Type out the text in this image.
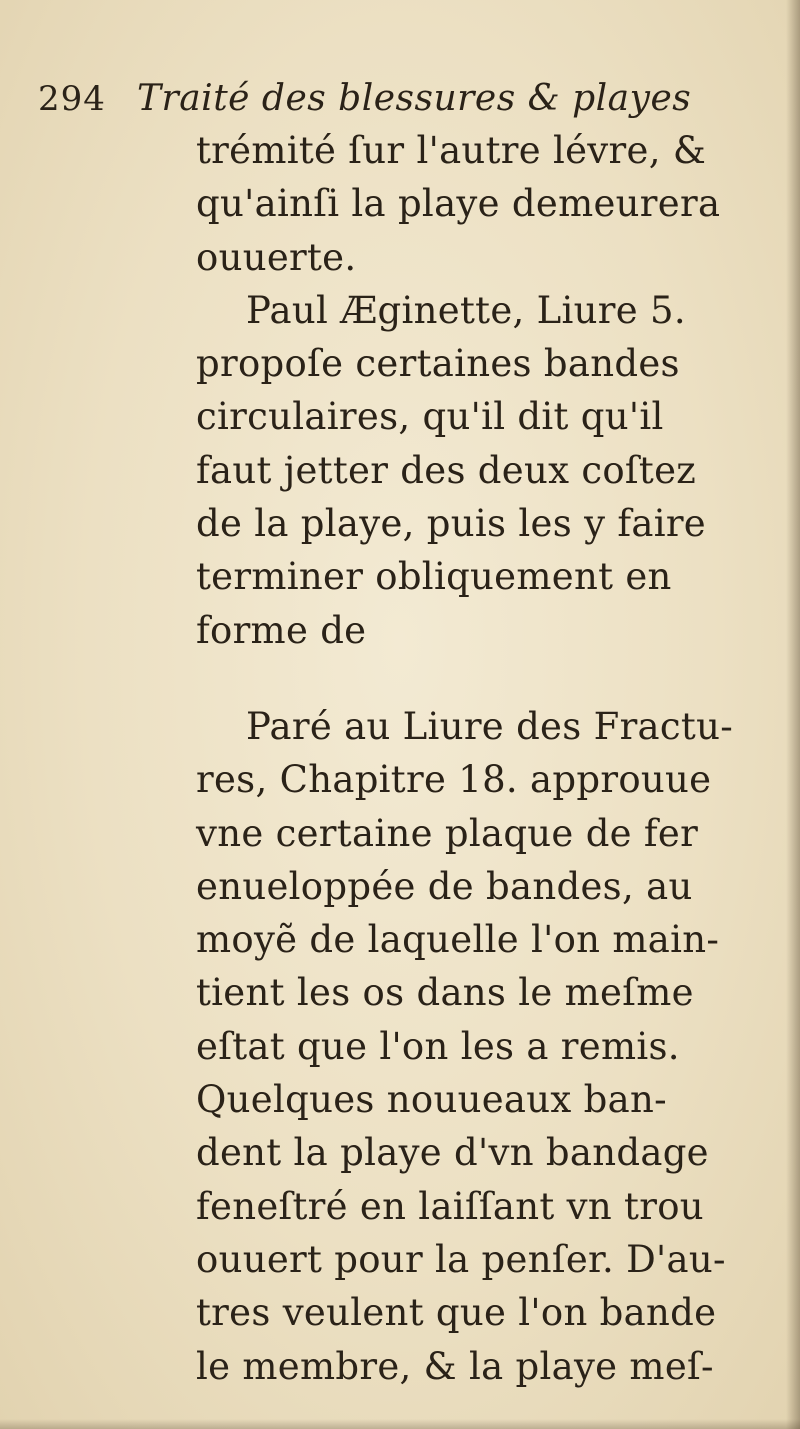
294 Traité des blessures & playes
trémité ſur l'autre lévre, &
qu'ainſi la playe demeurera
ouuerte.
Paul Æginette, Liure 5.
propoſe certaines bandes
circulaires, qu'il dit qu'il
faut jetter des deux coſtez
de la playe, puis les y faire
terminer obliquement en
forme de
Paré au Liure des Fractu-
res, Chapitre 18. approuue
vne certaine plaque de fer
enueloppée de bandes, au
moyẽ de laquelle l'on main-
tient les os dans le meſme
eſtat que l'on les a remis.
Quelques nouueaux ban-
dent la playe d'vn bandage
feneſtré en laiſſant vn trou
ouuert pour la penſer. D'au-
tres veulent que l'on bande
le membre, & la playe meſ-
